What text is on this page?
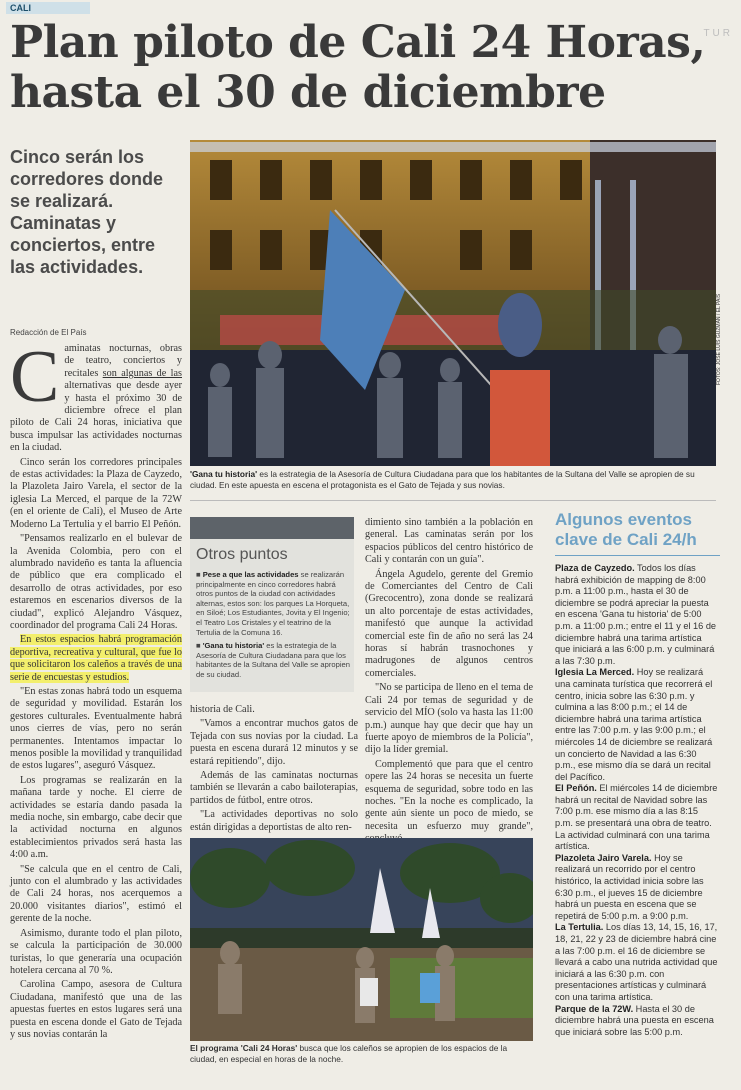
CALI
TUR
Plan piloto de Cali 24 Horas,
hasta el 30 de diciembre
Cinco serán los corredores donde se realizará. Caminatas y conciertos, entre las actividades.
Redacción de El País

Caminatas nocturnas, obras de teatro, conciertos y recitales son algunas de las alternativas que desde ayer y hasta el próximo 30 de diciembre ofrece el plan piloto de Cali 24 horas, iniciativa que busca impulsar las actividades nocturnas en la ciudad.

Cinco serán los corredores principales de estas actividades: la Plaza de Cayzedo, la Plazoleta Jairo Varela, el sector de la iglesia La Merced, el parque de la 72W (en el oriente de Cali), el Museo de Arte Moderno La Tertulia y el barrio El Peñón.

"Pensamos realizarlo en el bulevar de la Avenida Colombia, pero con el alumbrado navideño es tanta la afluencia de público que era complicado el desarrollo de otras actividades, por eso estaremos en escenarios diversos de la ciudad", explicó Alejandro Vásquez, coordinador del programa Cali 24 Horas.

En estos espacios habrá programación deportiva, recreativa y cultural, que fue lo que solicitaron los caleños a través de una serie de encuestas y estudios.

"En estas zonas habrá todo un esquema de seguridad y movilidad. Estarán los gestores culturales. Eventualmente habrá unos cierres de vías, pero no serán permanentes. Intentamos impactar lo menos posible la movilidad y tranquilidad de estos lugares", aseguró Vásquez.

Los programas se realizarán en la mañana tarde y noche. El cierre de actividades se estaría dando pasada la media noche, sin embargo, cabe decir que la actividad nocturna en algunos establecimientos privados será hasta las 4:00 a.m.

"Se calcula que en el centro de Cali, junto con el alumbrado y las actividades de Cali 24 horas, nos acerquemos a 20.000 visitantes diarios", estimó el gerente de la noche.

Asimismo, durante todo el plan piloto, se calcula la participación de 30.000 turistas, lo que generaría una ocupación hotelera cercana al 70 %.

Carolina Campo, asesora de Cultura Ciudadana, manifestó que una de las apuestas fuertes en estos lugares será una puesta en escena donde el Gato de Tejada y sus novias contarán la

FOTOS: JOSÉ LUIS GUZMÁN / EL PAÍS
'Gana tu historia' es la estrategia de la Asesoría de Cultura Ciudadana para que los habitantes de la Sultana del Valle se apropien de su ciudad. En este apuesta en escena el protagonista es el Gato de Tejada y sus novias.
Otros puntos
■ Pese a que las actividades se realizarán principalmente en cinco corredores habrá otros puntos de la ciudad con actividades alternas, estos son: los parques La Horqueta, en Siloé; Los Estudiantes, Jovita y El Ingenio; el Teatro Los Cristales y el teatrino de la Tertulia de la Comuna 16.
■ 'Gana tu historia' es la estrategia de la Asesoría de Cultura Ciudadana para que los habitantes de la Sultana del Valle se apropien de su ciudad.

historia de Cali.

"Vamos a encontrar muchos gatos de Tejada con sus novias por la ciudad. La puesta en escena durará 12 minutos y se estará repitiendo", dijo.

Además de las caminatas nocturnas también se llevarán a cabo bailoterapias, partidos de fútbol, entre otros.

"La actividades deportivas no solo están dirigidas a deportistas de alto ren-

dimiento sino también a la población en general. Las caminatas serán por los espacios públicos del centro histórico de Cali y contarán con un guía".

Ángela Agudelo, gerente del Gremio de Comerciantes del Centro de Cali (Grecocentro), zona donde se realizará un alto porcentaje de estas actividades, manifestó que aunque la actividad comercial este fin de año no será las 24 horas sí habrán trasnochones y madrugones de algunos centros comerciales.

"No se participa de lleno en el tema de Cali 24 por temas de seguridad y de servicio del MÍO (solo va hasta las 11:00 p.m.) aunque hay que decir que hay un fuerte apoyo de miembros de la Policía", dijo la líder gremial.

Complementó que para que el centro opere las 24 horas se necesita un fuerte esquema de seguridad, sobre todo en las noches. "En la noche es complicado, la gente aún siente un poco de miedo, se necesita un esfuerzo muy grande",

El programa 'Cali 24 Horas' busca que los caleños se apropien de los espacios de la ciudad, en especial en horas de la noche.
Algunos eventos clave de Cali 24/h

Plaza de Cayzedo. Todos los días habrá exhibición de mapping de 8:00 p.m. a 11:00 p.m., hasta el 30 de diciembre se podrá apreciar la puesta en escena 'Gana tu historia' de 5:00 p.m. a 11:00 p.m.; entre el 11 y el 16 de diciembre habrá una tarima artística que iniciará a las 6:00 p.m. y culminará a las 7:30 p.m.

Iglesia La Merced. Hoy se realizará una caminata turística que recorrerá el centro, inicia sobre las 6:30 p.m. y culmina a las 8:00 p.m.; el 14 de diciembre habrá una tarima artística entre las 7:00 p.m. y las 9:00 p.m.; el miércoles 14 de diciembre se realizará un concierto de Navidad a las 6:30 p.m., ese mismo día se dará un recital del Pacífico.

El Peñón. El miércoles 14 de diciembre habrá un recital de Navidad sobre las 7:00 p.m. ese mismo día a las 8:15 p.m. se presentará una obra de teatro. La actividad culminará con una tarima artística.

Plazoleta Jairo Varela. Hoy se realizará un recorrido por el centro histórico, la actividad inicia sobre las 6:30 p.m., el jueves 15 de diciembre habrá un puesta en escena que se repetirá de 5:00 p.m. a 9:00 p.m.

La Tertulia. Los días 13, 14, 15, 16, 17, 18, 21, 22 y 23 de diciembre habrá cine a las 7:00 p.m. el 16 de diciembre se llevará a cabo una nutrida actividad que iniciará a las 6:30 p.m. con presentaciones artísticas y culminará con una tarima artística.

Parque de la 72W. Hasta el 30 de diciembre habrá una puesta en escena que iniciará sobre las 5:00 p.m.
